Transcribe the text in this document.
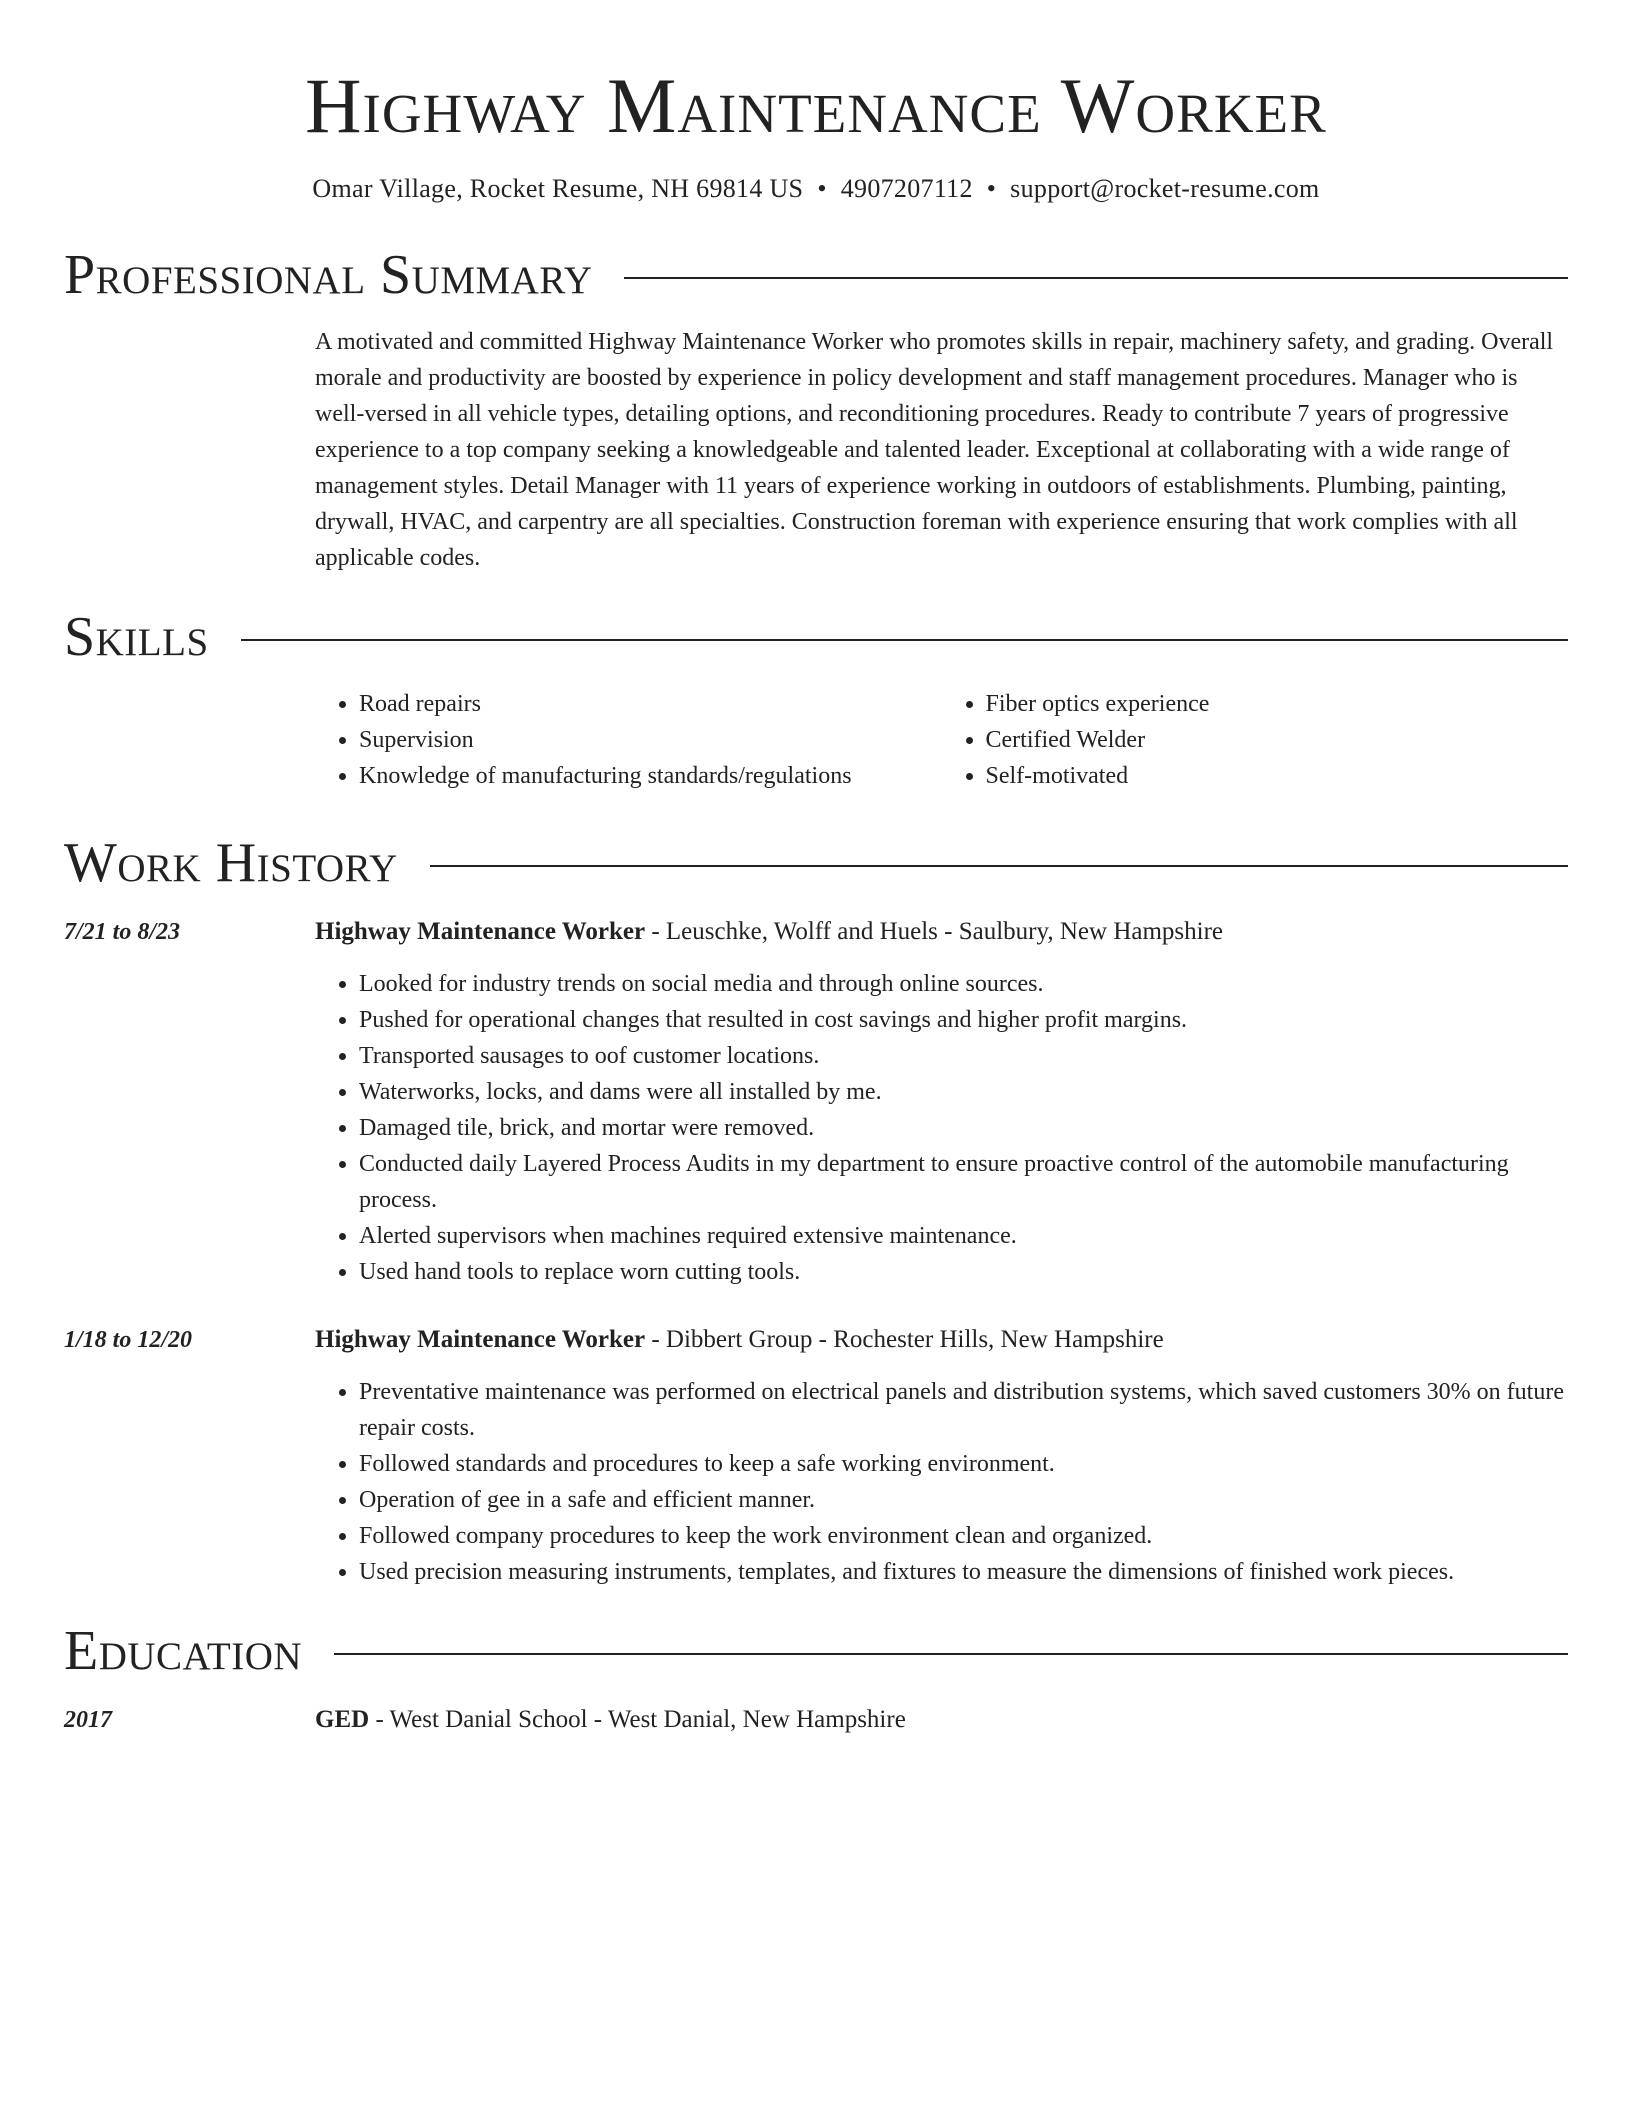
Highway Maintenance Worker
Omar Village, Rocket Resume, NH 69814 US • 4907207112 • support@rocket-resume.com
Professional Summary
A motivated and committed Highway Maintenance Worker who promotes skills in repair, machinery safety, and grading. Overall morale and productivity are boosted by experience in policy development and staff management procedures. Manager who is well-versed in all vehicle types, detailing options, and reconditioning procedures. Ready to contribute 7 years of progressive experience to a top company seeking a knowledgeable and talented leader. Exceptional at collaborating with a wide range of management styles. Detail Manager with 11 years of experience working in outdoors of establishments. Plumbing, painting, drywall, HVAC, and carpentry are all specialties. Construction foreman with experience ensuring that work complies with all applicable codes.
Skills
• Road repairs
• Supervision
• Knowledge of manufacturing standards/regulations
• Fiber optics experience
• Certified Welder
• Self-motivated
Work History
7/21 to 8/23	Highway Maintenance Worker - Leuschke, Wolff and Huels - Saulbury, New Hampshire
• Looked for industry trends on social media and through online sources.
• Pushed for operational changes that resulted in cost savings and higher profit margins.
• Transported sausages to oof customer locations.
• Waterworks, locks, and dams were all installed by me.
• Damaged tile, brick, and mortar were removed.
• Conducted daily Layered Process Audits in my department to ensure proactive control of the automobile manufacturing process.
• Alerted supervisors when machines required extensive maintenance.
• Used hand tools to replace worn cutting tools.
1/18 to 12/20	Highway Maintenance Worker - Dibbert Group - Rochester Hills, New Hampshire
• Preventative maintenance was performed on electrical panels and distribution systems, which saved customers 30% on future repair costs.
• Followed standards and procedures to keep a safe working environment.
• Operation of gee in a safe and efficient manner.
• Followed company procedures to keep the work environment clean and organized.
• Used precision measuring instruments, templates, and fixtures to measure the dimensions of finished work pieces.
Education
2017	GED - West Danial School - West Danial, New Hampshire
